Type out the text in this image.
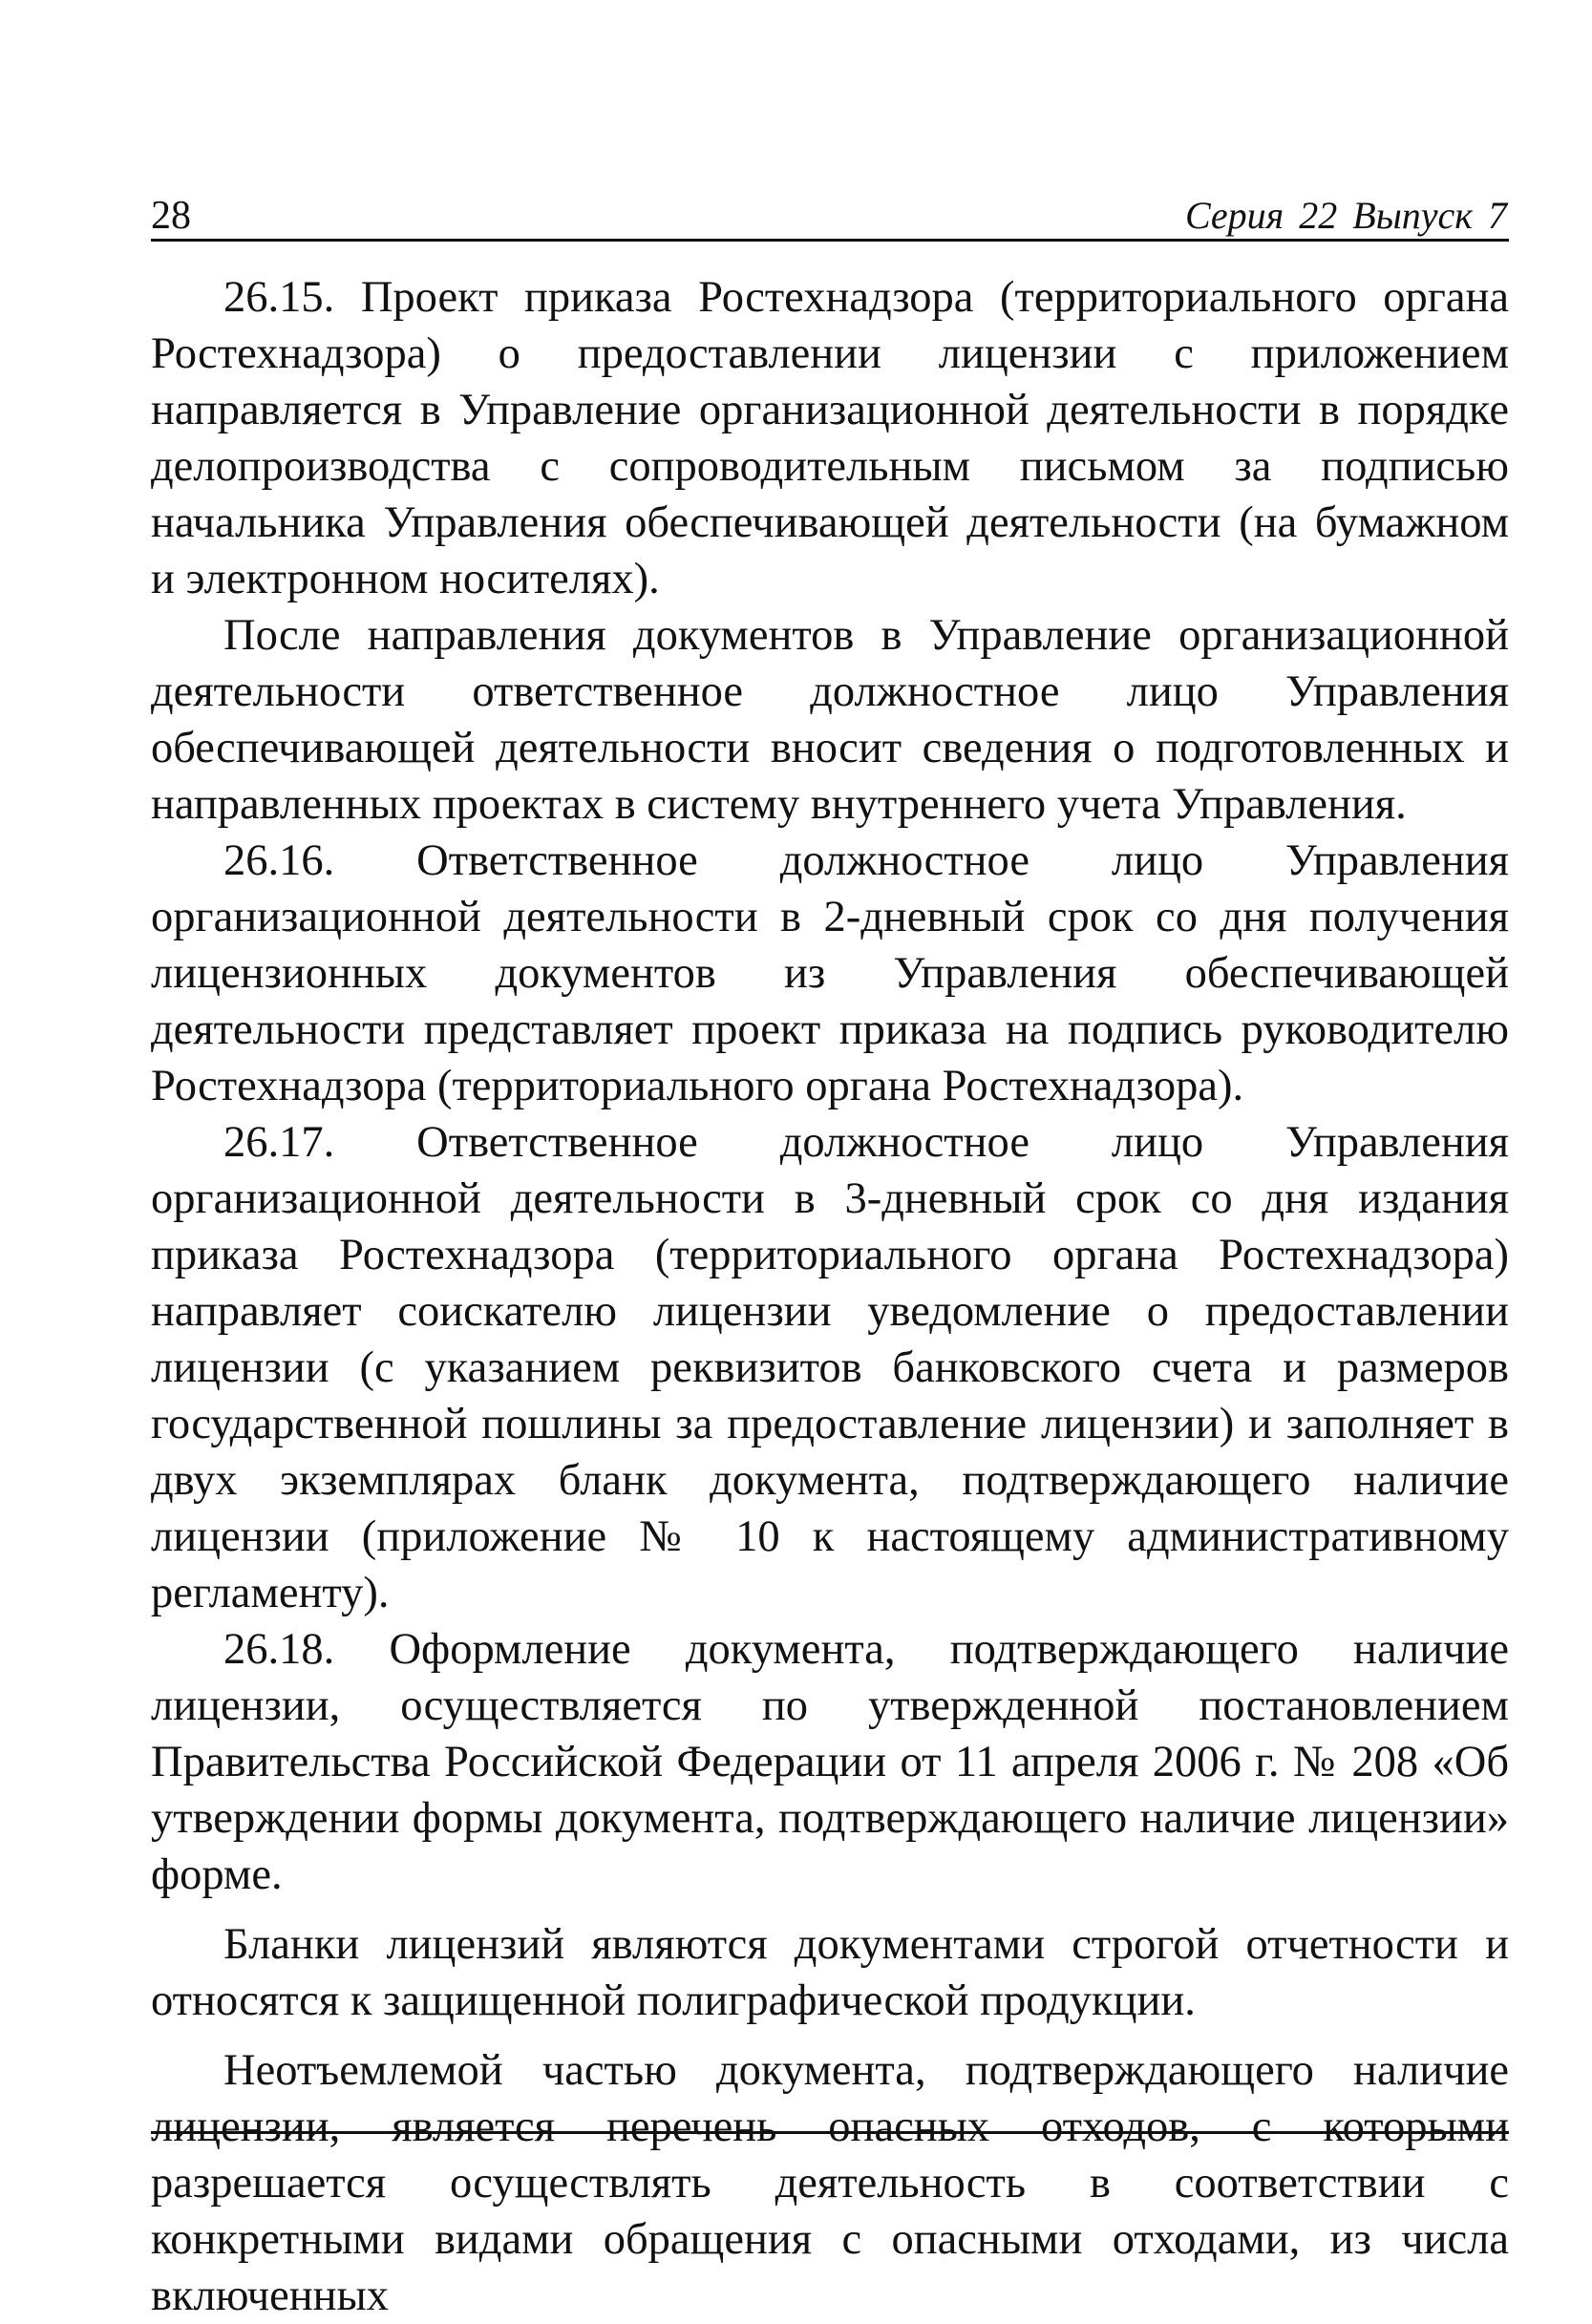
28	Серия 22 Выпуск 7

26.15. Проект приказа Ростехнадзора (территориального органа Ростехнадзора) о предоставлении лицензии с приложением направляется в Управление организационной деятельности в порядке делопроизводства с сопроводительным письмом за подписью начальника Управления обеспечивающей деятельности (на бумажном и электронном носителях).

После направления документов в Управление организационной деятельности ответственное должностное лицо Управления обеспечивающей деятельности вносит сведения о подготовленных и направленных проектах в систему внутреннего учета Управления.

26.16. Ответственное должностное лицо Управления организационной деятельности в 2-дневный срок со дня получения лицензионных документов из Управления обеспечивающей деятельности представляет проект приказа на подпись руководителю Ростехнадзора (территориального органа Ростехнадзора).

26.17. Ответственное должностное лицо Управления организационной деятельности в 3-дневный срок со дня издания приказа Ростехнадзора (территориального органа Ростехнадзора) направляет соискателю лицензии уведомление о предоставлении лицензии (с указанием реквизитов банковского счета и размеров государственной пошлины за предоставление лицензии) и заполняет в двух экземплярах бланк документа, подтверждающего наличие лицензии (приложение № 10 к настоящему административному регламенту).

26.18. Оформление документа, подтверждающего наличие лицензии, осуществляется по утвержденной постановлением Правительства Российской Федерации от 11 апреля 2006 г. № 208 «Об утверждении формы документа, подтверждающего наличие лицензии» форме.

Бланки лицензий являются документами строгой отчетности и относятся к защищенной полиграфической продукции.

Неотъемлемой частью документа, подтверждающего наличие лицензии, является перечень опасных отходов, с которыми разрешается осуществлять деятельность в соответствии с конкретными видами обращения с опасными отходами, из числа включенных
